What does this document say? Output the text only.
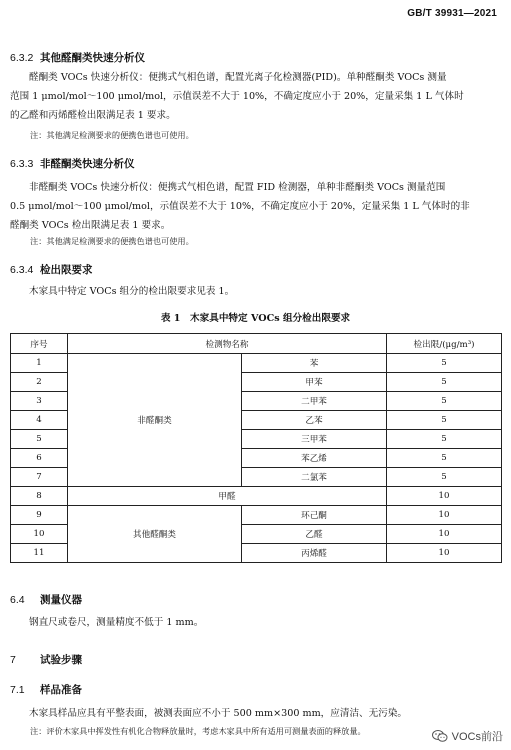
GB/T 39931—2021
6.3.2 其他醛酮类快速分析仪
醛酮类 VOCs 快速分析仪：便携式气相色谱，配置光离子化检测器(PID)。单种醛酮类 VOCs 测量
范围 1 μmol/mol～100 μmol/mol，示值误差不大于 10%，不确定度应小于 20%，定量采集 1 L 气体时
的乙醛和丙烯醛检出限满足表 1 要求。
注：其他满足检测要求的便携色谱也可使用。
6.3.3 非醛酮类快速分析仪
非醛酮类 VOCs 快速分析仪：便携式气相色谱，配置 FID 检测器，单种非醛酮类 VOCs 测量范围
0.5 μmol/mol～100 μmol/mol，示值误差不大于 10%，不确定度应小于 20%，定量采集 1 L 气体时的非
醛酮类 VOCs 检出限满足表 1 要求。
注：其他满足检测要求的便携色谱也可使用。
6.3.4 检出限要求
木家具中特定 VOCs 组分的检出限要求见表 1。
表 1　木家具中特定 VOCs 组分检出限要求
序号	检测物名称		检出限/(μg/m³)
1	非醛酮类	苯	5
2		甲苯	5
3		二甲苯	5
4		乙苯	5
5		三甲苯	5
6		苯乙烯	5
7		二氯苯	5
8	甲醛		10
9	其他醛酮类	环己酮	10
10		乙醛	10
11		丙烯醛	10
6.4 测量仪器
钢直尺或卷尺，测量精度不低于 1 mm。
7 试验步骤
7.1 样品准备
木家具样品应具有平整表面，被测表面应不小于 500 mm×300 mm，应清洁、无污染。
注：评价木家具中挥发性有机化合物释放量时，考虑木家具中所有适用可测量表面的释放量。	VOCs前沿
